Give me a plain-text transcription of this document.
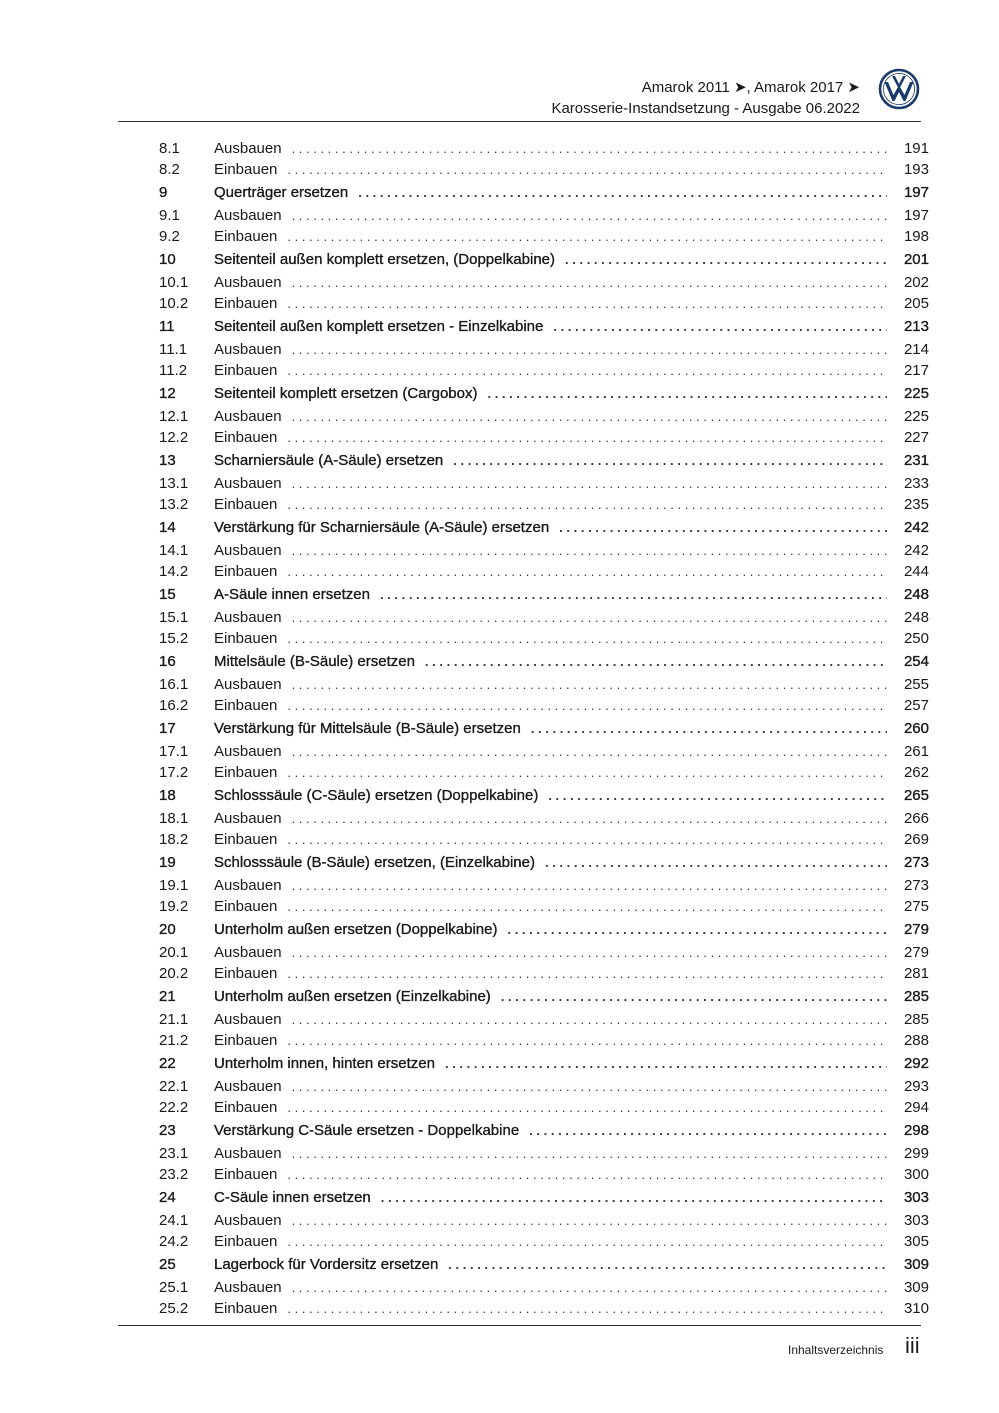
Amarok 2011 ➤, Amarok 2017 ➤
Karosserie-Instandsetzung - Ausgabe 06.2022
8.1	Ausbauen . . .	191
8.2	Einbauen . . .	193
9	Querträger ersetzen . . .	197
9.1	Ausbauen . . .	197
9.2	Einbauen . . .	198
10	Seitenteil außen komplett ersetzen, (Doppelkabine) . . .	201
10.1	Ausbauen . . .	202
10.2	Einbauen . . .	205
11	Seitenteil außen komplett ersetzen - Einzelkabine . . .	213
11.1	Ausbauen . . .	214
11.2	Einbauen . . .	217
12	Seitenteil komplett ersetzen (Cargobox) . . .	225
12.1	Ausbauen . . .	225
12.2	Einbauen . . .	227
13	Scharniersäule (A-Säule) ersetzen . . .	231
13.1	Ausbauen . . .	233
13.2	Einbauen . . .	235
14	Verstärkung für Scharniersäule (A-Säule) ersetzen . . .	242
14.1	Ausbauen . . .	242
14.2	Einbauen . . .	244
15	A-Säule innen ersetzen . . .	248
15.1	Ausbauen . . .	248
15.2	Einbauen . . .	250
16	Mittelsäule (B-Säule) ersetzen . . .	254
16.1	Ausbauen . . .	255
16.2	Einbauen . . .	257
17	Verstärkung für Mittelsäule (B-Säule) ersetzen . . .	260
17.1	Ausbauen . . .	261
17.2	Einbauen . . .	262
18	Schlosssäule (C-Säule) ersetzen (Doppelkabine) . . .	265
18.1	Ausbauen . . .	266
18.2	Einbauen . . .	269
19	Schlosssäule (B-Säule) ersetzen, (Einzelkabine) . . .	273
19.1	Ausbauen . . .	273
19.2	Einbauen . . .	275
20	Unterholm außen ersetzen (Doppelkabine) . . .	279
20.1	Ausbauen . . .	279
20.2	Einbauen . . .	281
21	Unterholm außen ersetzen (Einzelkabine) . . .	285
21.1	Ausbauen . . .	285
21.2	Einbauen . . .	288
22	Unterholm innen, hinten ersetzen . . .	292
22.1	Ausbauen . . .	293
22.2	Einbauen . . .	294
23	Verstärkung C-Säule ersetzen - Doppelkabine . . .	298
23.1	Ausbauen . . .	299
23.2	Einbauen . . .	300
24	C-Säule innen ersetzen . . .	303
24.1	Ausbauen . . .	303
24.2	Einbauen . . .	305
25	Lagerbock für Vordersitz ersetzen . . .	309
25.1	Ausbauen . . .	309
25.2	Einbauen . . .	310
Inhaltsverzeichnis iii
